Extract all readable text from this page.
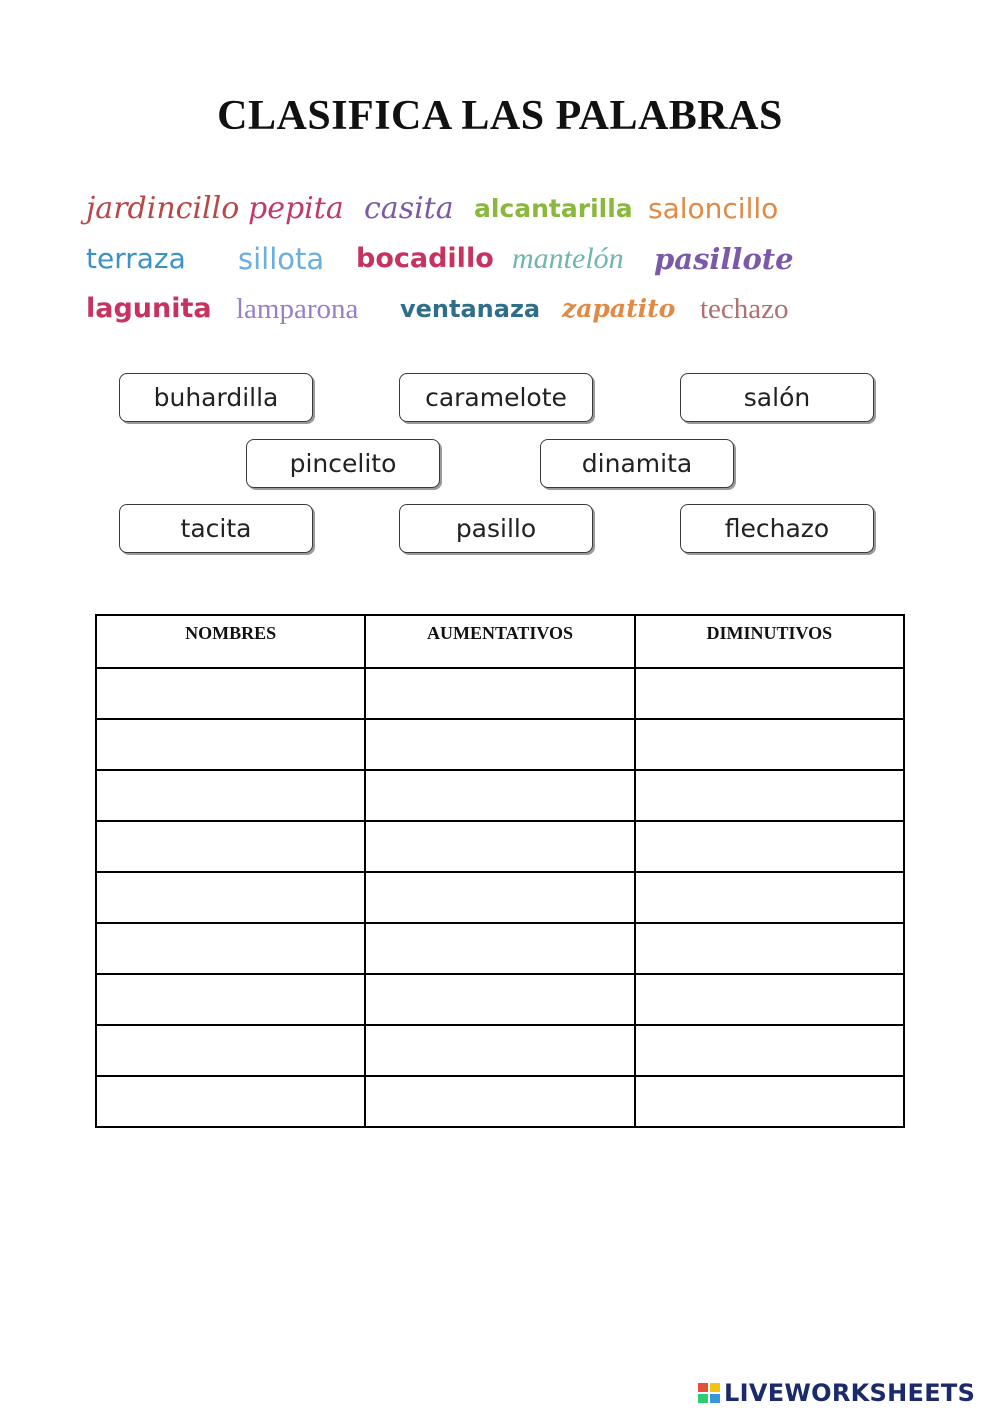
CLASIFICA LAS PALABRAS
jardincillo pepita casita alcantarilla saloncillo
terraza sillota bocadillo mantelón pasillote
lagunita lamparona ventanaza zapatito techazo
buhardilla	caramelote	salón
pincelito	dinamita
tacita	pasillo	flechazo
NOMBRES	AUMENTATIVOS	DIMINUTIVOS

LIVEWORKSHEETS
